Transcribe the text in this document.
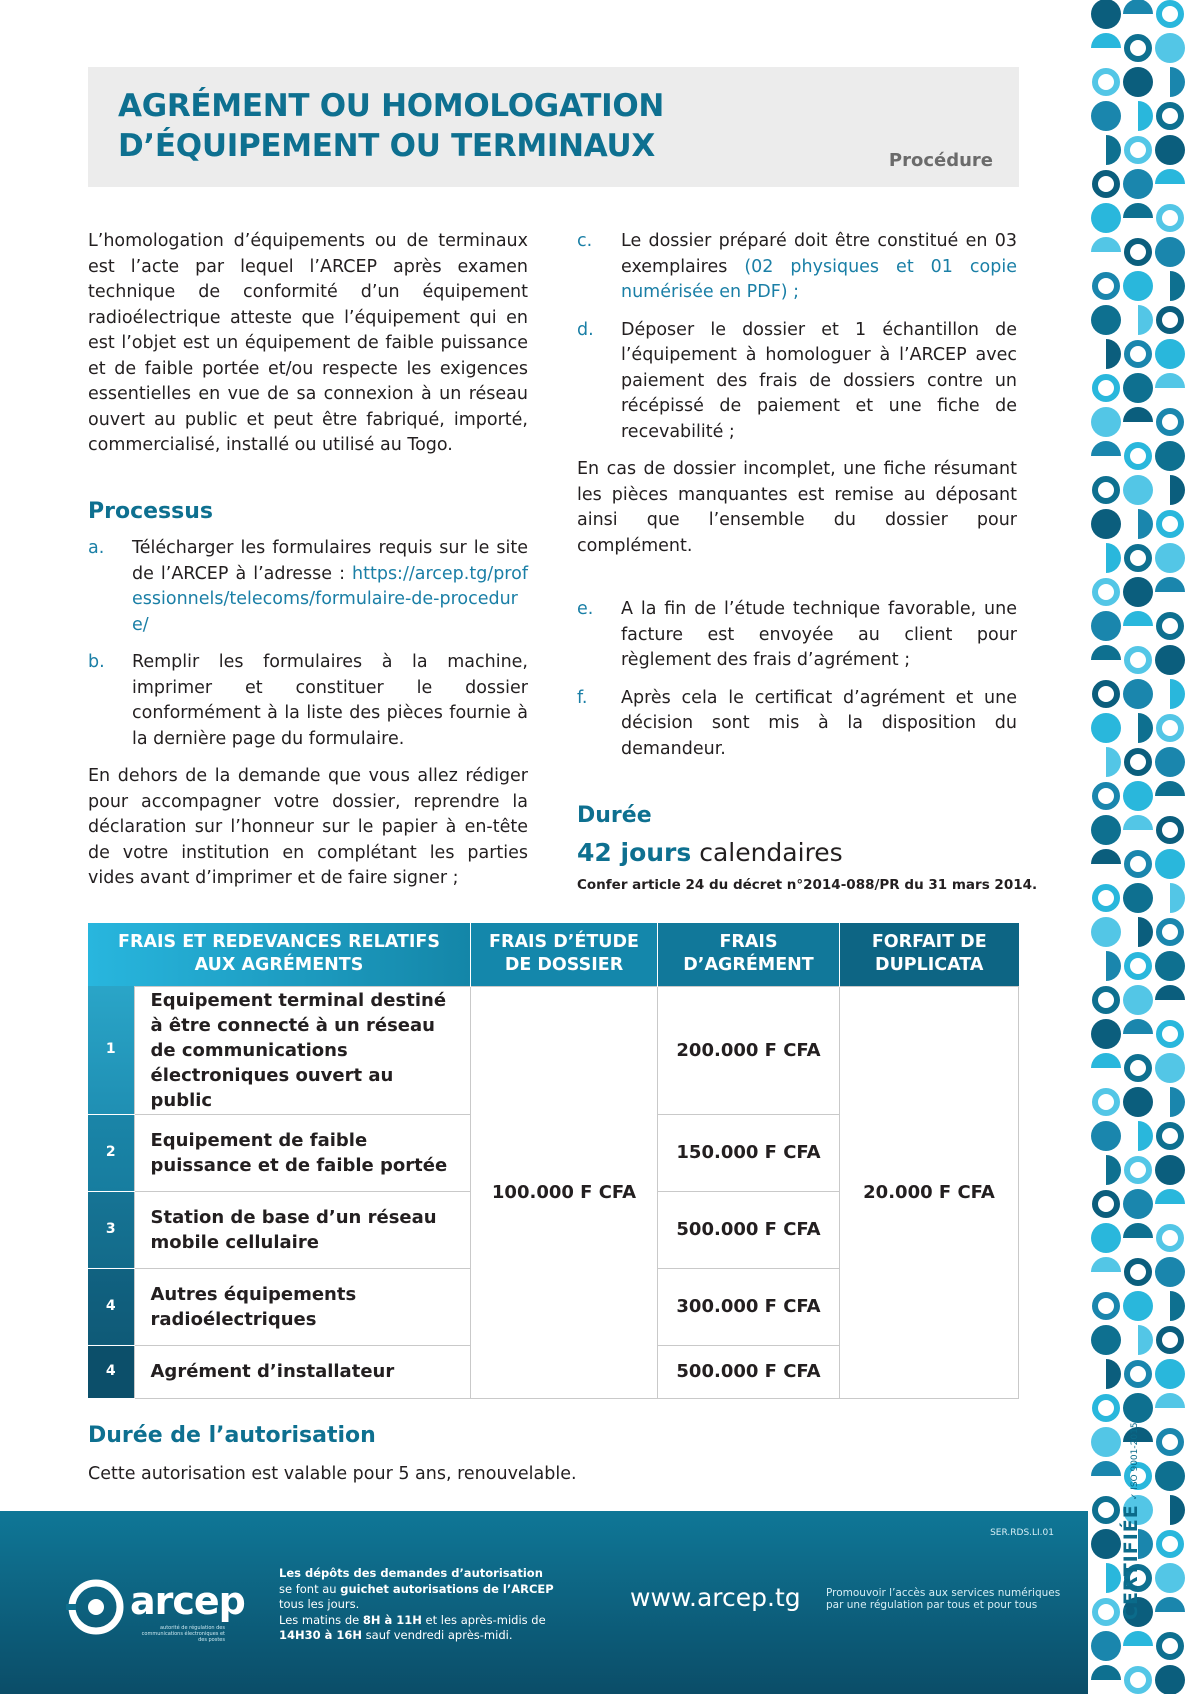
AGRÉMENT OU HOMOLOGATION
D’ÉQUIPEMENT OU TERMINAUX	Procédure

L’homologation d’équipements ou de terminaux est l’acte par lequel l’ARCEP après examen technique de conformité d’un équipement radioélectrique atteste que l’équipement qui en est l’objet est un équipement de faible puissance et de faible portée et/ou respecte les exigences essentielles en vue de sa connexion à un réseau ouvert au public et peut être fabriqué, importé, commercialisé, installé ou utilisé au Togo.

Processus
a.	Télécharger les formulaires requis sur le site de l’ARCEP à l’adresse : https://arcep.tg/professionnels/telecoms/formulaire-de-procedure/
b.	Remplir les formulaires à la machine, imprimer et constituer le dossier conformément à la liste des pièces fournie à la dernière page du formulaire.

En dehors de la demande que vous allez rédiger pour accompagner votre dossier, reprendre la déclaration sur l’honneur sur le papier à en-tête de votre institution en complétant les parties vides avant d’imprimer et de faire signer ;

c.	Le dossier préparé doit être constitué en 03 exemplaires (02 physiques et 01 copie numérisée en PDF) ;
d.	Déposer le dossier et 1 échantillon de l’équipement à homologuer à l’ARCEP avec paiement des frais de dossiers contre un récépissé de paiement et une fiche de recevabilité ;

En cas de dossier incomplet, une fiche résumant les pièces manquantes est remise au déposant ainsi que l’ensemble du dossier pour complément.

e.	A la fin de l’étude technique favorable, une facture est envoyée au client pour règlement des frais d’agrément ;
f.	Après cela le certificat d’agrément et une décision sont mis à la disposition du demandeur.
Durée
42 jours calendaires
Confer article 24 du décret n°2014-088/PR du 31 mars 2014.
FRAIS ET REDEVANCES RELATIFS AUX AGRÉMENTS		FRAIS D’ÉTUDE DE DOSSIER	FRAIS D’AGRÉMENT	FORFAIT DE DUPLICATA
1	Equipement terminal destiné à être connecté à un réseau de communications électroniques ouvert au public	100.000 F CFA	200.000 F CFA	20.000 F CFA
2	Equipement de faible puissance et de faible portée		150.000 F CFA	
3	Station de base d’un réseau mobile cellulaire		500.000 F CFA	
4	Autres équipements radioélectriques		300.000 F CFA	
4	Agrément d’installateur		500.000 F CFA	
Durée de l’autorisation
Cette autorisation est valable pour 5 ans, renouvelable.
SER.RDS.LI.01
arcep
autorité de régulation des communications électroniques et des postes
Les dépôts des demandes d’autorisation
se font au guichet autorisations de l’ARCEP
tous les jours.
Les matins de 8H à 11H et les après-midis de
14H30 à 16H sauf vendredi après-midi.
www.arcep.tg Promouvoir l’accès aux services numériques
par une régulation par tous et pour tous	CERTIFIÉE✓ ISO 9001-2015
